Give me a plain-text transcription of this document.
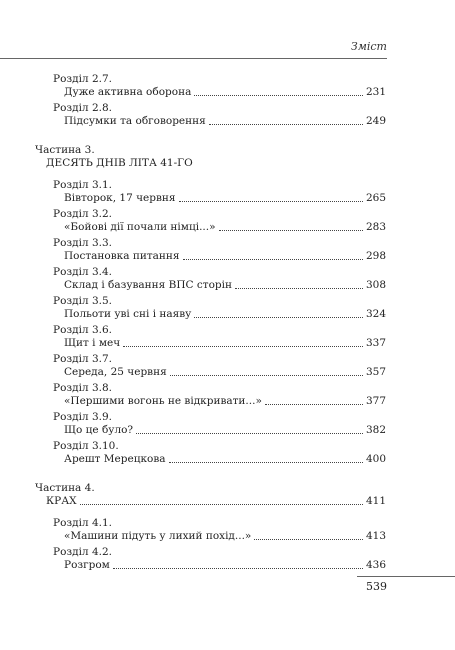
Зміст
Розділ 2.7.
Дуже активна оборона	231
Розділ 2.8.
Підсумки та обговорення	249
Частина 3.
ДЕСЯТЬ ДНІВ ЛІТА 41-ГО
Розділ 3.1.
Вівторок, 17 червня	265
Розділ 3.2.
«Бойові дії почали німці...»	283
Розділ 3.3.
Постановка питання	298
Розділ 3.4.
Склад і базування ВПС сторін	308
Розділ 3.5.
Польоти уві сні і наяву	324
Розділ 3.6.
Щит і меч	337
Розділ 3.7.
Середа, 25 червня	357
Розділ 3.8.
«Першими вогонь не відкривати...»	377
Розділ 3.9.
Що це було?	382
Розділ 3.10.
Арешт Мерецкова	400
Частина 4.
КРАХ	411
Розділ 4.1.
«Машини підуть у лихий похід...»	413
Розділ 4.2.
Розгром	436
539
